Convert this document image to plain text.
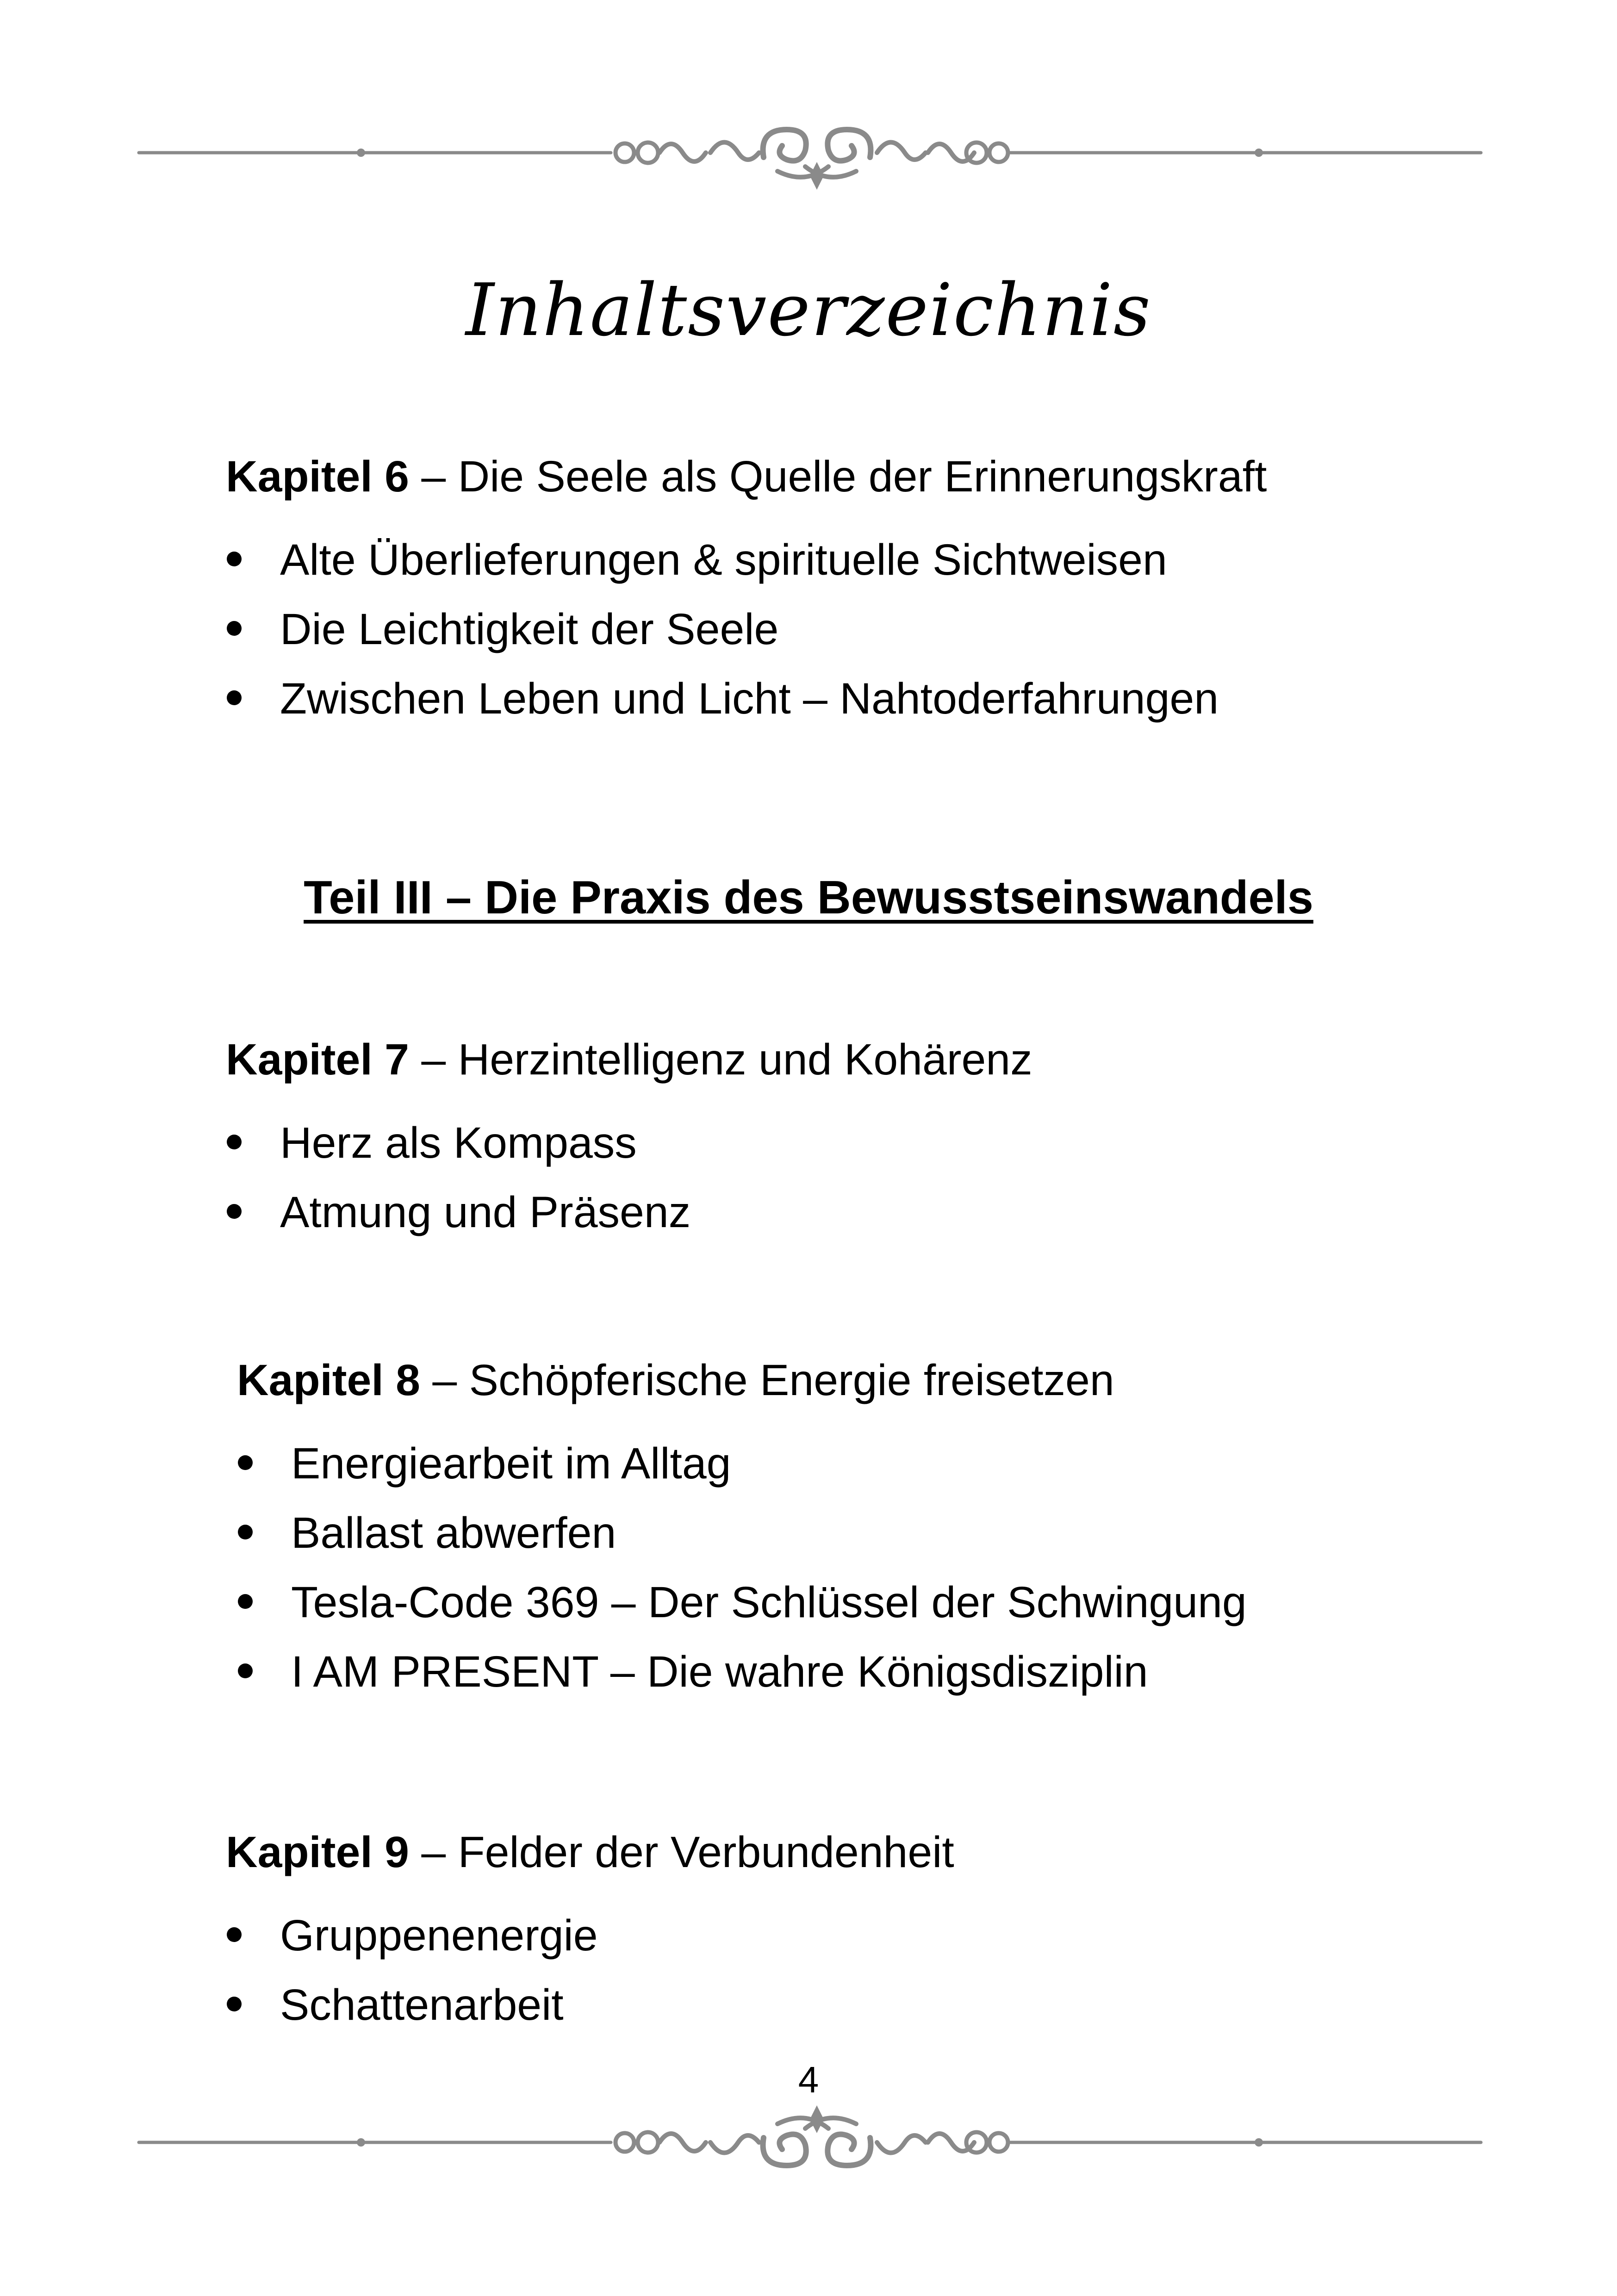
Inhaltsverzeichnis
Kapitel 6 – Die Seele als Quelle der Erinnerungskraft
Alte Überlieferungen & spirituelle Sichtweisen
Die Leichtigkeit der Seele
Zwischen Leben und Licht – Nahtoderfahrungen
Teil III – Die Praxis des Bewusstseinswandels
Kapitel 7 – Herzintelligenz und Kohärenz
Herz als Kompass
Atmung und Präsenz
Kapitel 8 – Schöpferische Energie freisetzen
Energiearbeit im Alltag
Ballast abwerfen
Tesla-Code 369 – Der Schlüssel der Schwingung
I AM PRESENT – Die wahre Königsdisziplin
Kapitel 9 – Felder der Verbundenheit
Gruppenenergie
Schattenarbeit
4
